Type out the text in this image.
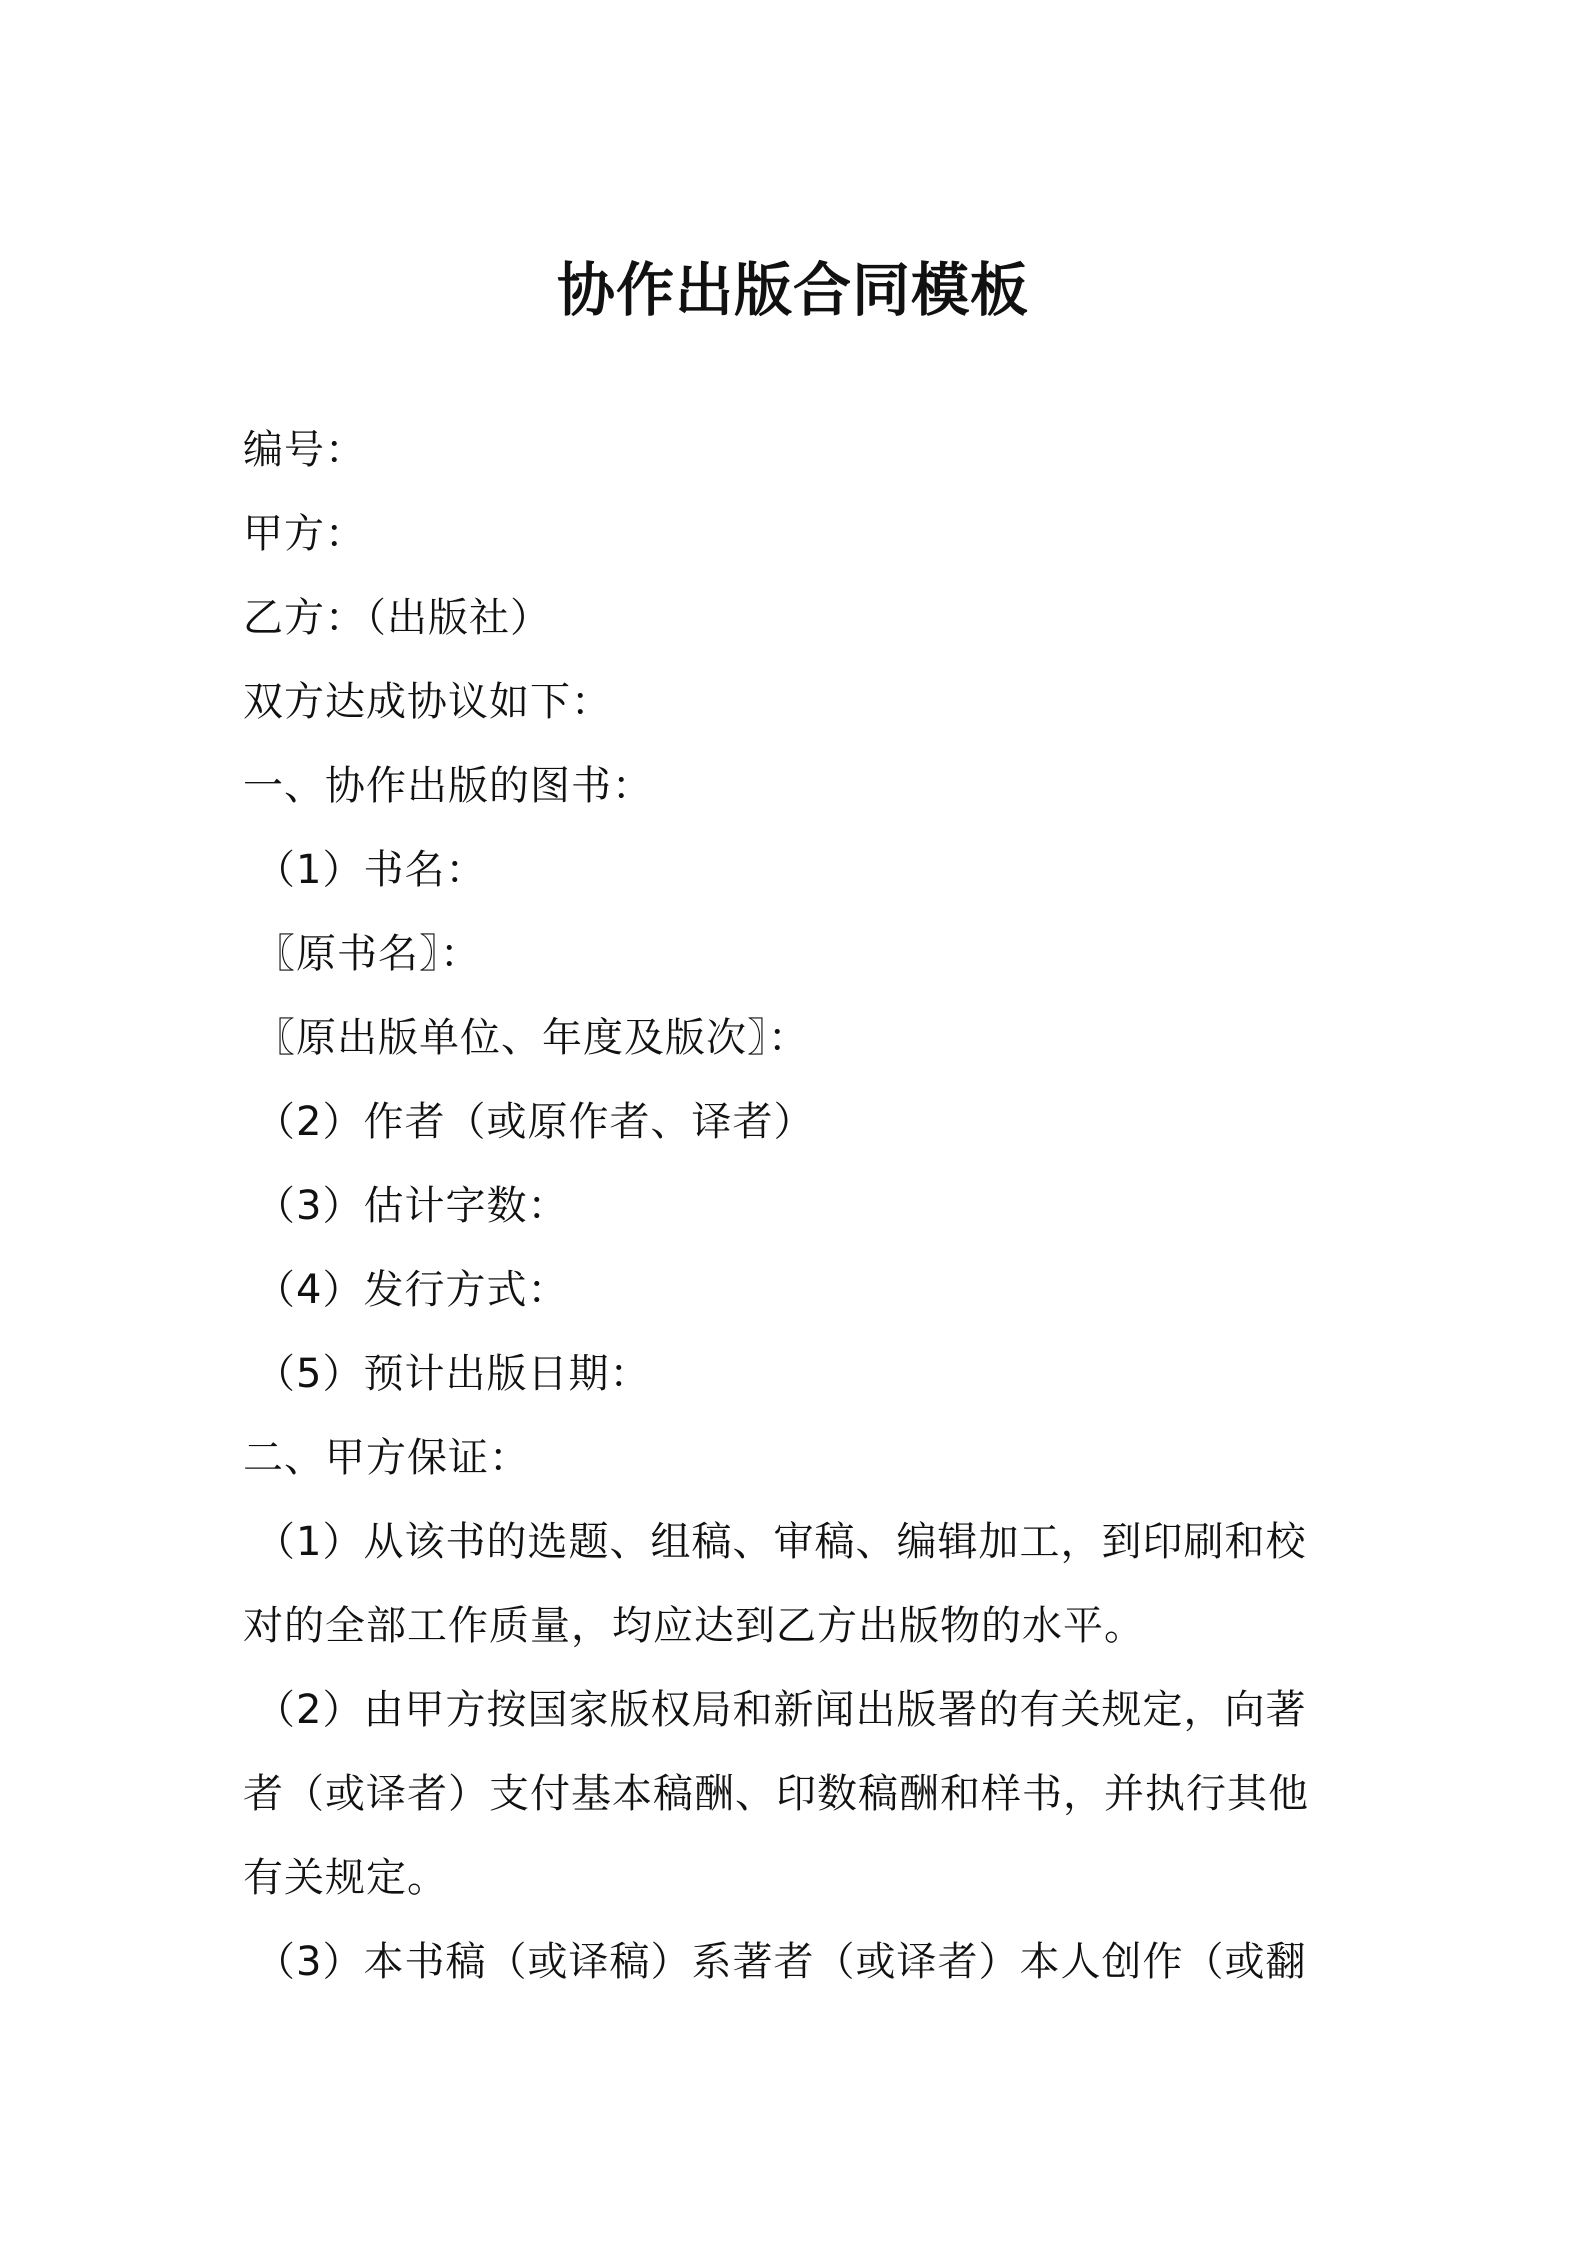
协作出版合同模板
编号：
甲方：
乙方：（出版社）
双方达成协议如下：
一、协作出版的图书：
（1）书名：
〖原书名〗：
〖原出版单位、年度及版次〗：
（2）作者（或原作者、译者）
（3）估计字数：
（4）发行方式：
（5）预计出版日期：
二、甲方保证：
（1）从该书的选题、组稿、审稿、编辑加工，到印刷和校
对的全部工作质量，均应达到乙方出版物的水平。
（2）由甲方按国家版权局和新闻出版署的有关规定，向著
者（或译者）支付基本稿酬、印数稿酬和样书，并执行其他
有关规定。
（3）本书稿（或译稿）系著者（或译者）本人创作（或翻
